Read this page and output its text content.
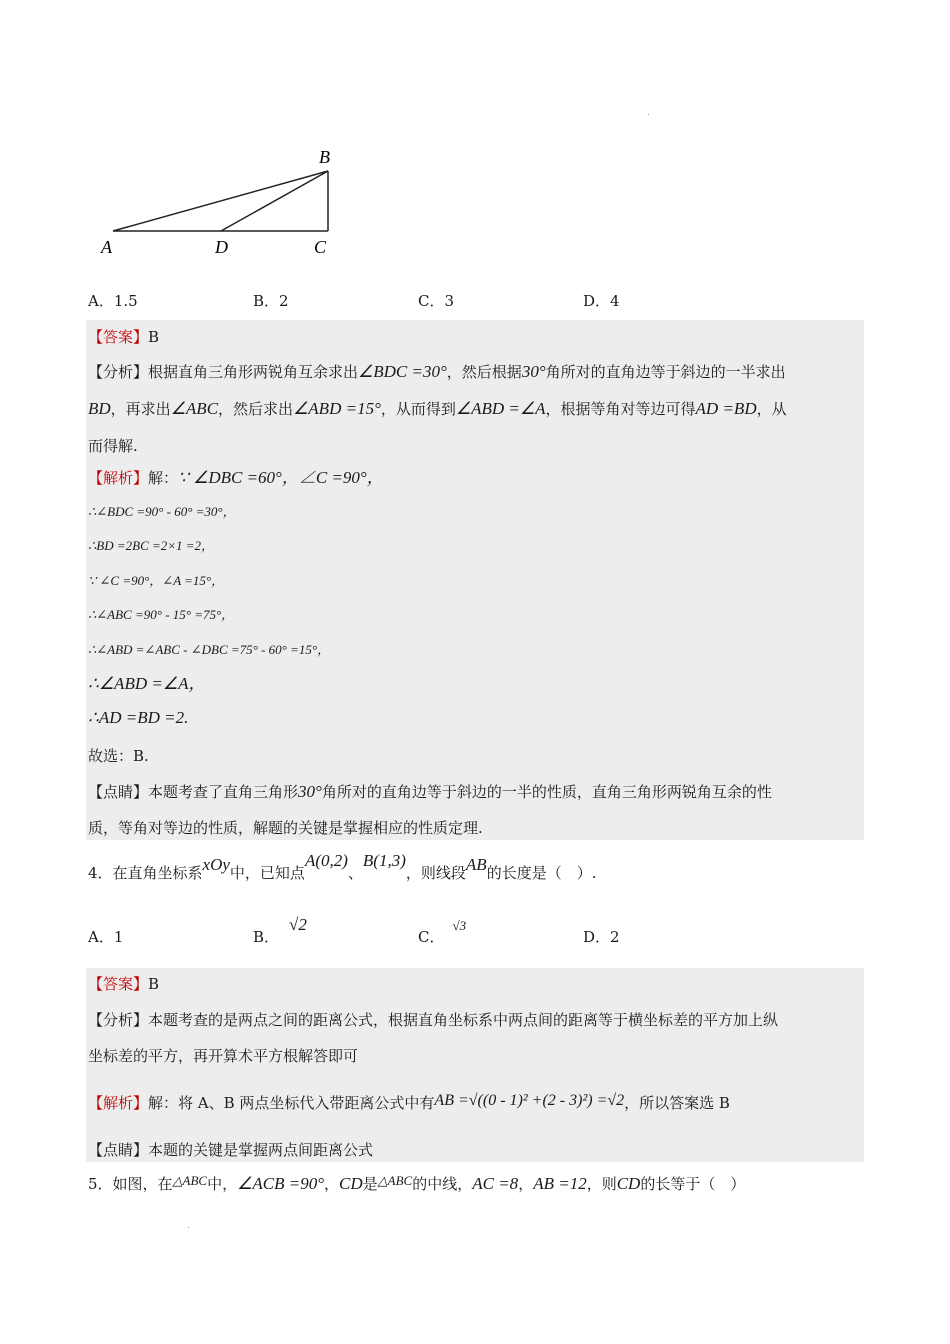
A	D	C
B
A．1.5	B．2	C．3	D．4
【答案】B
【分析】根据直角三角形两锐角互余求出∠BDC =30°，然后根据30°角所对的直角边等于斜边的一半求出
BD，再求出∠ABC，然后求出∠ABD =15°，从而得到∠ABD =∠A，根据等角对等边可得AD =BD，从
而得解.
【解析】解：∵ ∠DBC =60°，∠C =90°，
∴∠BDC =90° - 60° =30°，
∴BD =2BC =2×1 =2，
∵ ∠C =90°，∠A =15°，
∴∠ABC =90° - 15° =75°，
∴∠ABD =∠ABC - ∠DBC =75° - 60° =15°，
∴∠ABD =∠A，
∴AD =BD =2.
故选：B.
【点睛】本题考查了直角三角形30°角所对的直角边等于斜边的一半的性质，直角三角形两锐角互余的性
质，等角对等边的性质，解题的关键是掌握相应的性质定理.
4．在直角坐标系xOy中，已知点A(0,2)、B(1,3)，则线段AB的长度是（　）.
A．1	B．√2
C．√3
D．2
【答案】B
【分析】本题考查的是两点之间的距离公式，根据直角坐标系中两点间的距离等于横坐标差的平方加上纵
坐标差的平方，再开算术平方根解答即可
【解析】解：将 A、B 两点坐标代入带距离公式中有AB =√((0 - 1)² +(2 - 3)²) =√2，所以答案选 B
【点睛】本题的关键是掌握两点间距离公式
5．如图，在△ABC中，∠ACB =90°，CD是△ABC的中线，AC =8，AB =12，则CD的长等于（　）
